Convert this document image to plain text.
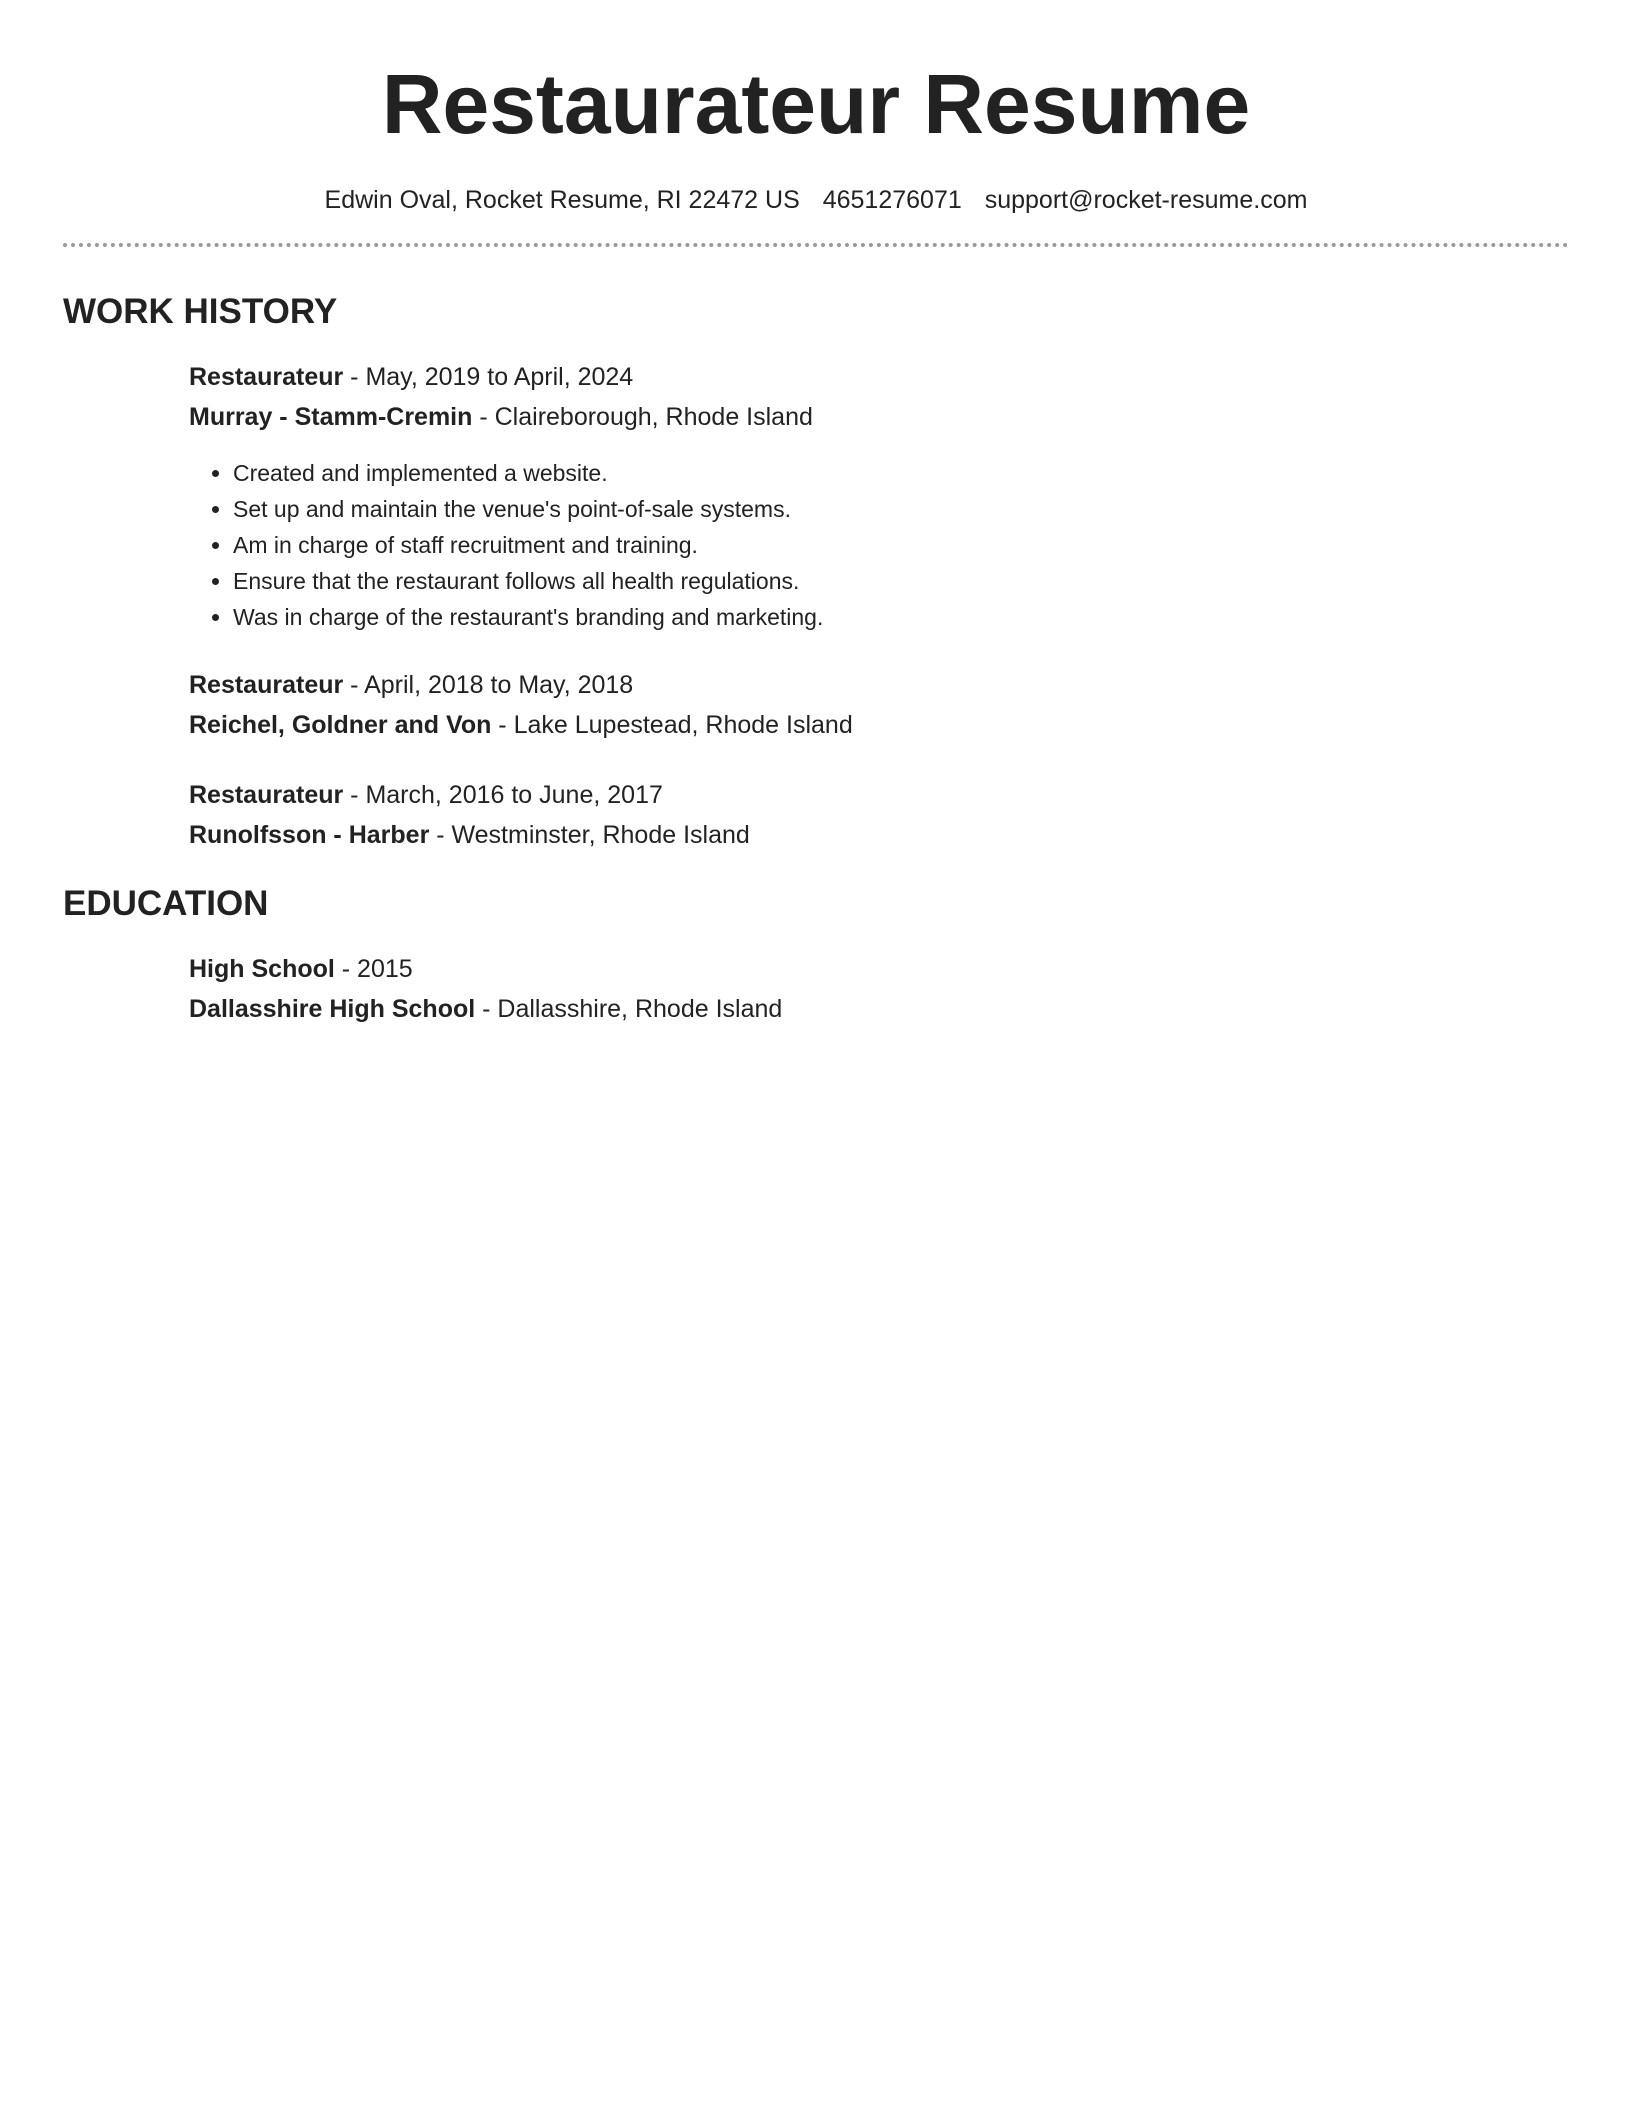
Restaurateur Resume
Edwin Oval, Rocket Resume, RI 22472 US 4651276071 support@rocket-resume.com
WORK HISTORY
Restaurateur - May, 2019 to April, 2024
Murray - Stamm-Cremin - Claireborough, Rhode Island
• Created and implemented a website.
• Set up and maintain the venue's point-of-sale systems.
• Am in charge of staff recruitment and training.
• Ensure that the restaurant follows all health regulations.
• Was in charge of the restaurant's branding and marketing.
Restaurateur - April, 2018 to May, 2018
Reichel, Goldner and Von - Lake Lupestead, Rhode Island
Restaurateur - March, 2016 to June, 2017
Runolfsson - Harber - Westminster, Rhode Island
EDUCATION
High School - 2015
Dallasshire High School - Dallasshire, Rhode Island
